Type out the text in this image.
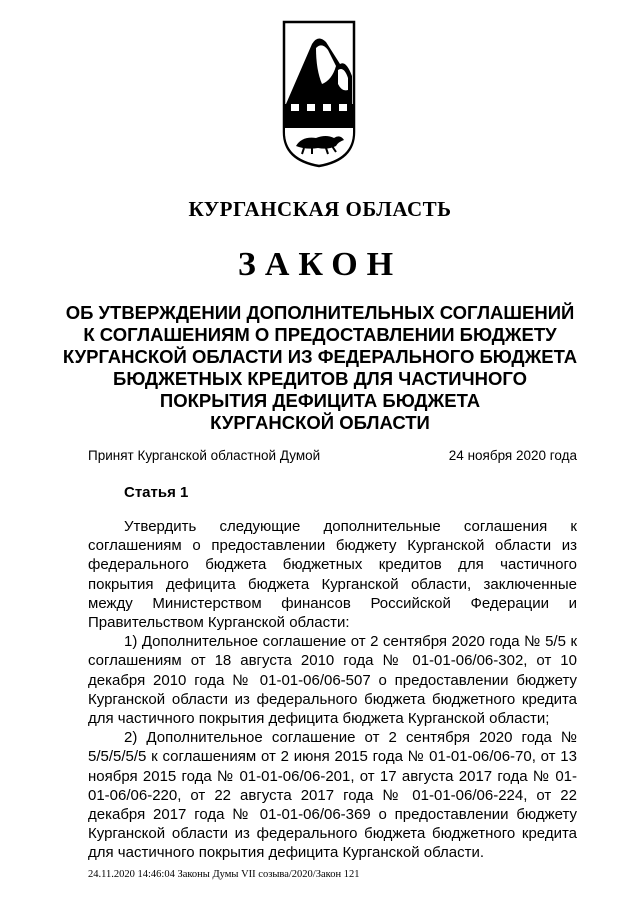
КУРГАНСКАЯ ОБЛАСТЬ
ЗАКОН
ОБ УТВЕРЖДЕНИИ ДОПОЛНИТЕЛЬНЫХ СОГЛАШЕНИЙ
К СОГЛАШЕНИЯМ О ПРЕДОСТАВЛЕНИИ БЮДЖЕТУ
КУРГАНСКОЙ ОБЛАСТИ ИЗ ФЕДЕРАЛЬНОГО БЮДЖЕТА
БЮДЖЕТНЫХ КРЕДИТОВ ДЛЯ ЧАСТИЧНОГО
ПОКРЫТИЯ ДЕФИЦИТА БЮДЖЕТА
КУРГАНСКОЙ ОБЛАСТИ
Принят Курганской областной Думой	24 ноября 2020 года
Статья 1

Утвердить следующие дополнительные соглашения к соглашениям о предоставлении бюджету Курганской области из федерального бюджета бюджетных кредитов для частичного покрытия дефицита бюджета Курганской области, заключенные между Министерством финансов Российской Федерации и Правительством Курганской области:

1) Дополнительное соглашение от 2 сентября 2020 года № 5/5 к соглашениям от 18 августа 2010 года № 01-01-06/06-302, от 10 декабря 2010 года № 01-01-06/06-507 о предоставлении бюджету Курганской области из федерального бюджета бюджетного кредита для частичного покрытия дефицита бюджета Курганской области;

2) Дополнительное соглашение от 2 сентября 2020 года № 5/5/5/5/5 к соглашениям от 2 июня 2015 года № 01-01-06/06-70, от 13 ноября 2015 года № 01-01-06/06-201, от 17 августа 2017 года № 01-01-06/06-220, от 22 августа 2017 года № 01-01-06/06-224, от 22 декабря 2017 года № 01-01-06/06-369 о предоставлении бюджету Курганской области из федерального бюджета бюджетного кредита для частичного покрытия дефицита Курганской области.

24.11.2020 14:46:04 Законы Думы VII созыва/2020/Закон 121
